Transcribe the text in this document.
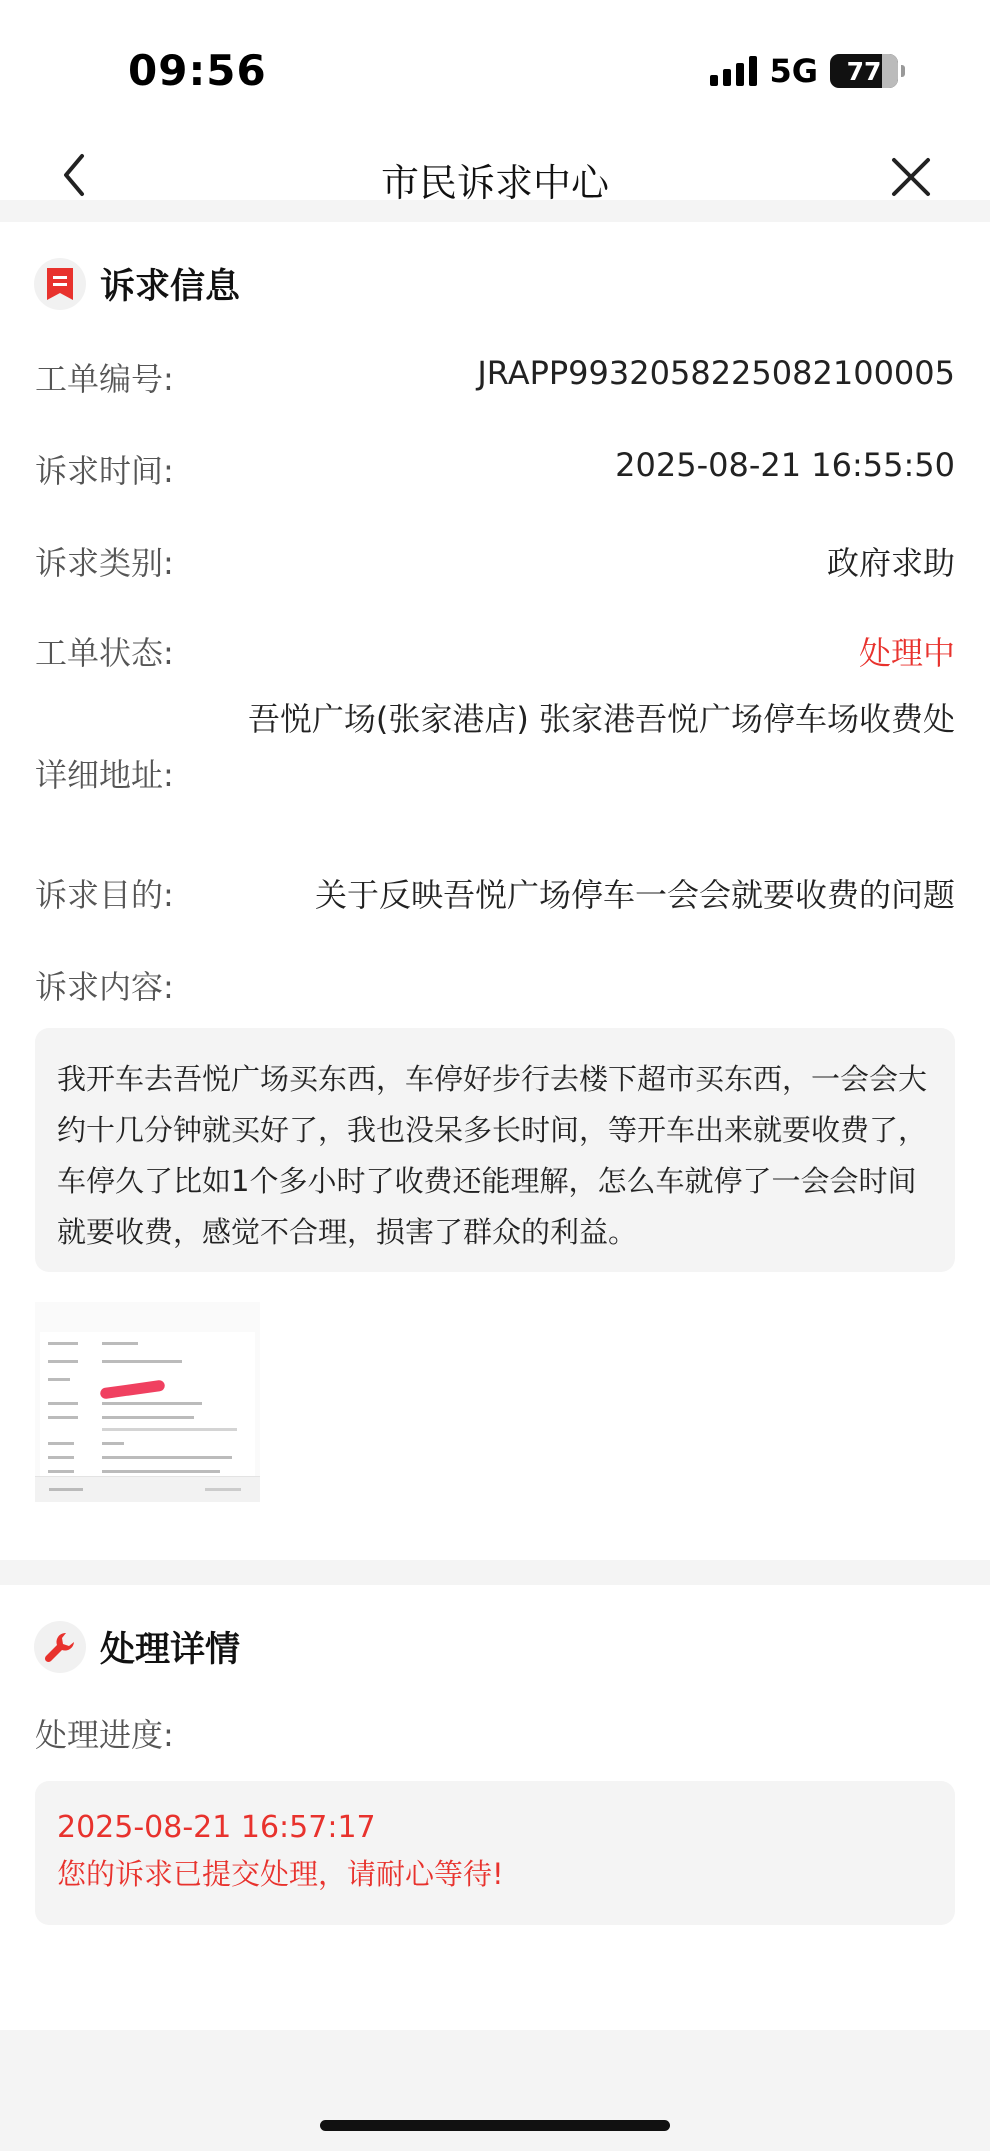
09:56	5G 77
市民诉求中心
诉求信息
工单编号:	JRAPP9932058225082100005
诉求时间:	2025-08-21 16:55:50
诉求类别:	政府求助
工单状态:	处理中
详细地址:
吾悦广场(张家港店) 张家港吾悦广场停车场收费处
诉求目的:	关于反映吾悦广场停车一会会就要收费的问题
诉求内容:
我开车去吾悦广场买东西，车停好步行去楼下超市买东西，一会会大约十几分钟就买好了，我也没呆多长时间，等开车出来就要收费了，车停久了比如1个多小时了收费还能理解，怎么车就停了一会会时间就要收费，感觉不合理，损害了群众的利益。
处理详情
处理进度:
2025-08-21 16:57:17
您的诉求已提交处理，请耐心等待!
